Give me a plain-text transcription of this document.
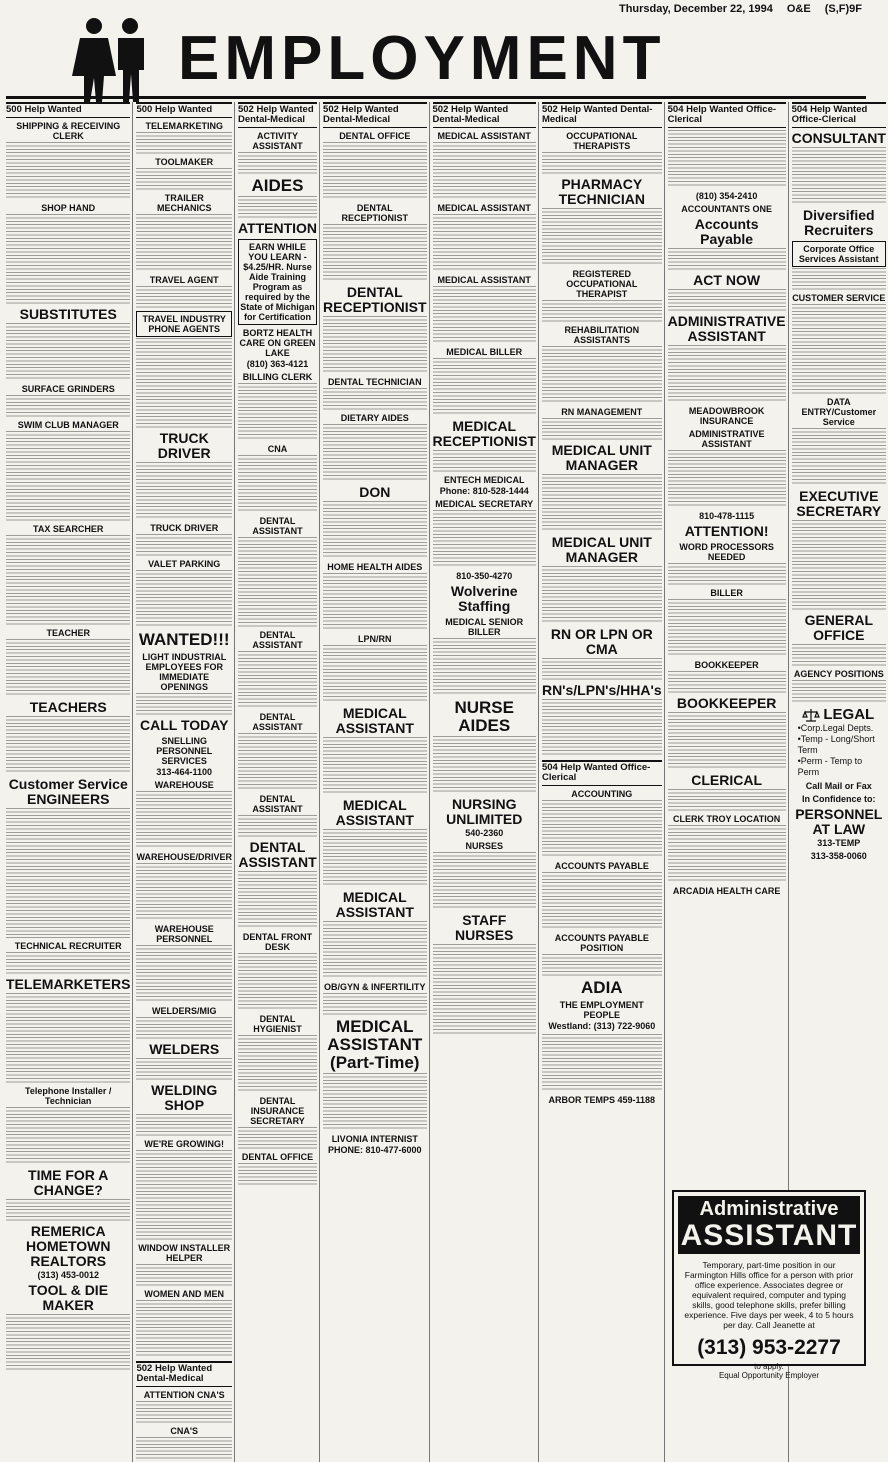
Thursday, December 22, 1994 O&E (S,F)9F
EMPLOYMENT
500 Help Wanted
SHIPPING & RECEIVING CLERK
SHOP HAND
SUBSTITUTES
SURFACE GRINDERS
SWIM CLUB MANAGER
TAX SEARCHER
TEACHER
TEACHERS
Customer Service ENGINEERS
TECHNICAL RECRUITER
TELEMARKETERS
Telephone Installer / Technician
TIME FOR A CHANGE?
REMERICA HOMETOWN REALTORS
(313) 453-0012
TOOL & DIE MAKER
500 Help Wanted
TELEMARKETING
TOOLMAKER
TRAILER MECHANICS
TRAVEL AGENT
TRAVEL INDUSTRY PHONE AGENTS
TRUCK DRIVER
TRUCK DRIVER
VALET PARKING
WANTED!!!
LIGHT INDUSTRIAL EMPLOYEES FOR IMMEDIATE OPENINGS
CALL TODAY
SNELLING PERSONNEL SERVICES
313-464-1100
WAREHOUSE
WAREHOUSE/DRIVER
WAREHOUSE PERSONNEL
WELDERS/MIG
WELDERS
WELDING SHOP
WE'RE GROWING!
WINDOW INSTALLER HELPER
WOMEN AND MEN
502 Help Wanted Dental-Medical
ATTENTION CNA'S
CNA'S
502 Help Wanted Dental-Medical
ACTIVITY ASSISTANT
AIDES
ATTENTION
EARN WHILE YOU LEARN - $4.25/HR. Nurse Aide Training Program as required by the State of Michigan for Certification
BORTZ HEALTH CARE ON GREEN LAKE
(810) 363-4121
BILLING CLERK
CNA
DENTAL ASSISTANT
DENTAL ASSISTANT
DENTAL ASSISTANT
DENTAL ASSISTANT
DENTAL ASSISTANT
DENTAL FRONT DESK
DENTAL HYGIENIST
DENTAL INSURANCE SECRETARY
DENTAL OFFICE
502 Help Wanted Dental-Medical
DENTAL OFFICE
DENTAL RECEPTIONIST
DENTAL RECEPTIONIST
DENTAL TECHNICIAN
DIETARY AIDES
DON
HOME HEALTH AIDES
LPN/RN
MEDICAL ASSISTANT
MEDICAL ASSISTANT
MEDICAL ASSISTANT
OB/GYN & INFERTILITY
MEDICAL ASSISTANT (Part-Time)
LIVONIA INTERNIST
PHONE: 810-477-6000
502 Help Wanted Dental-Medical
MEDICAL ASSISTANT
MEDICAL ASSISTANT
MEDICAL ASSISTANT
MEDICAL BILLER
MEDICAL RECEPTIONIST
ENTECH MEDICAL
Phone: 810-528-1444
MEDICAL SECRETARY
810-350-4270
Wolverine Staffing
MEDICAL SENIOR BILLER
NURSE AIDES
NURSING UNLIMITED
540-2360
NURSES
STAFF NURSES
502 Help Wanted Dental-Medical
OCCUPATIONAL THERAPISTS
PHARMACY TECHNICIAN
REGISTERED OCCUPATIONAL THERAPIST
REHABILITATION ASSISTANTS
RN MANAGEMENT
MEDICAL UNIT MANAGER
MEDICAL UNIT MANAGER
RN OR LPN OR CMA
RN's/LPN's/HHA's
504 Help Wanted Office-Clerical
ACCOUNTING
ACCOUNTS PAYABLE
ACCOUNTS PAYABLE POSITION
ADIA
THE EMPLOYMENT PEOPLE
Westland: (313) 722-9060
ARBOR TEMPS 459-1188
504 Help Wanted Office-Clerical
(810) 354-2410
ACCOUNTANTS ONE
Accounts Payable
ACT NOW
ADMINISTRATIVE ASSISTANT
MEADOWBROOK INSURANCE
ADMINISTRATIVE ASSISTANT
810-478-1115
ATTENTION!
WORD PROCESSORS NEEDED
BILLER
BOOKKEEPER
BOOKKEEPER
CLERICAL
CLERK TROY LOCATION
ARCADIA HEALTH CARE
504 Help Wanted Office-Clerical
CONSULTANT
Diversified Recruiters
Corporate Office Services Assistant
CUSTOMER SERVICE
DATA ENTRY/Customer Service
EXECUTIVE SECRETARY
GENERAL OFFICE
AGENCY POSITIONS
LEGAL
•Corp.Legal Depts.
•Temp - Long/Short Term
•Perm - Temp to Perm
Call Mail or Fax
In Confidence to:
PERSONNEL AT LAW
313-TEMP
313-358-0060
Administrative
ASSISTANT
Temporary, part-time position in our Farmington Hills office for a person with prior office experience. Associates degree or equivalent required, computer and typing skills, good telephone skills, prefer billing experience. Five days per week, 4 to 5 hours per day. Call Jeanette at
(313) 953-2277
to apply.
Equal Opportunity Employer
